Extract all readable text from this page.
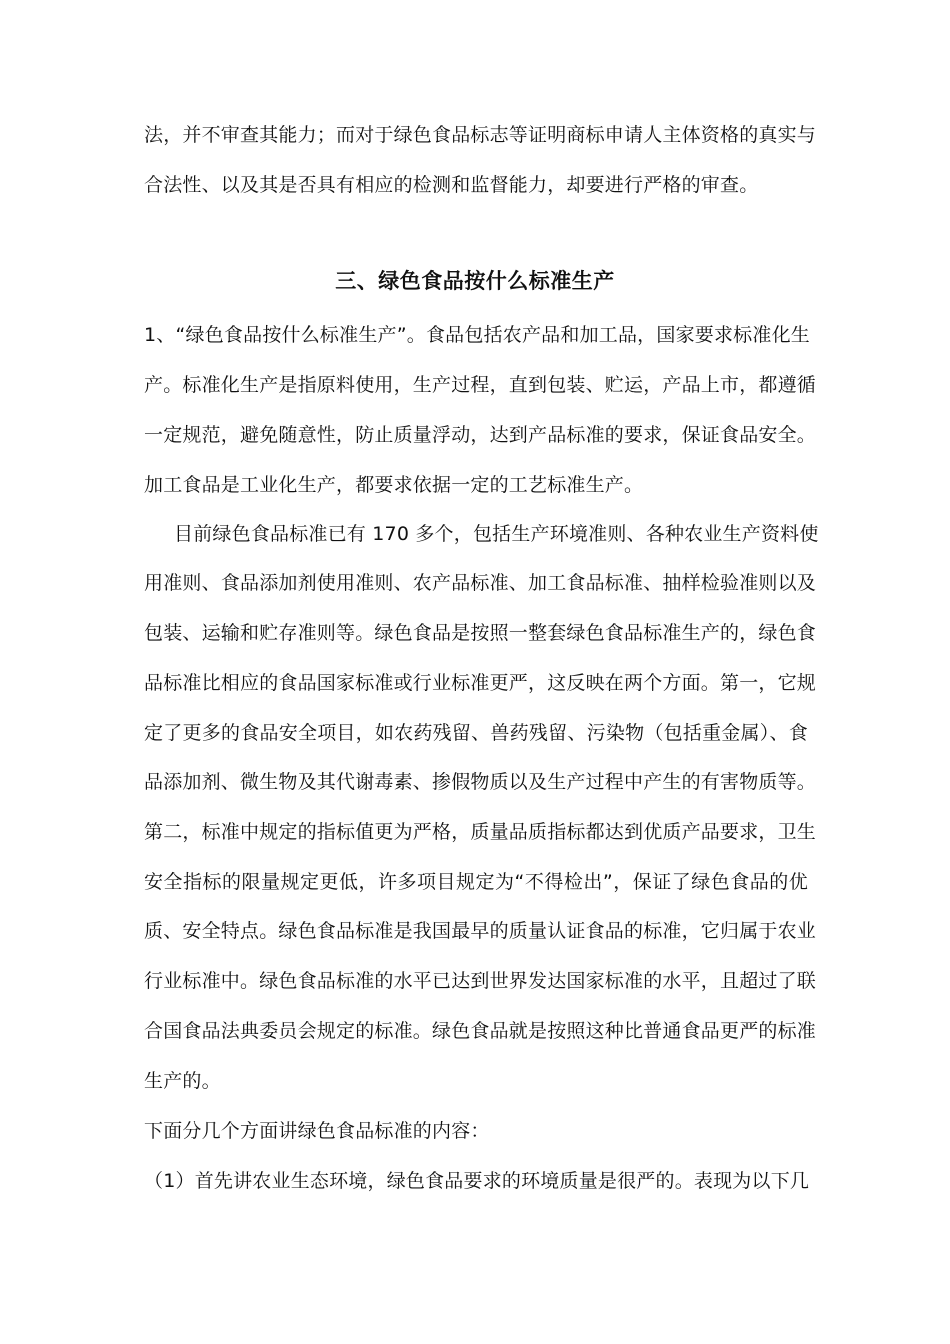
法，并不审查其能力；而对于绿色食品标志等证明商标申请人主体资格的真实与
合法性、以及其是否具有相应的检测和监督能力，却要进行严格的审查。
三、绿色食品按什么标准生产
1、“绿色食品按什么标准生产”。食品包括农产品和加工品，国家要求标准化生
产。标准化生产是指原料使用，生产过程，直到包装、贮运，产品上市，都遵循
一定规范，避免随意性，防止质量浮动，达到产品标准的要求，保证食品安全。
加工食品是工业化生产，都要求依据一定的工艺标准生产。
目前绿色食品标准已有 170 多个，包括生产环境准则、各种农业生产资料使
用准则、食品添加剂使用准则、农产品标准、加工食品标准、抽样检验准则以及
包装、运输和贮存准则等。绿色食品是按照一整套绿色食品标准生产的，绿色食
品标准比相应的食品国家标准或行业标准更严，这反映在两个方面。第一，它规
定了更多的食品安全项目，如农药残留、兽药残留、污染物（包括重金属）、食
品添加剂、微生物及其代谢毒素、掺假物质以及生产过程中产生的有害物质等。
第二，标准中规定的指标值更为严格，质量品质指标都达到优质产品要求，卫生
安全指标的限量规定更低，许多项目规定为“不得检出”，保证了绿色食品的优
质、安全特点。绿色食品标准是我国最早的质量认证食品的标准，它归属于农业
行业标准中。绿色食品标准的水平已达到世界发达国家标准的水平，且超过了联
合国食品法典委员会规定的标准。绿色食品就是按照这种比普通食品更严的标准
生产的。
下面分几个方面讲绿色食品标准的内容：
（1）首先讲农业生态环境，绿色食品要求的环境质量是很严的。表现为以下几
